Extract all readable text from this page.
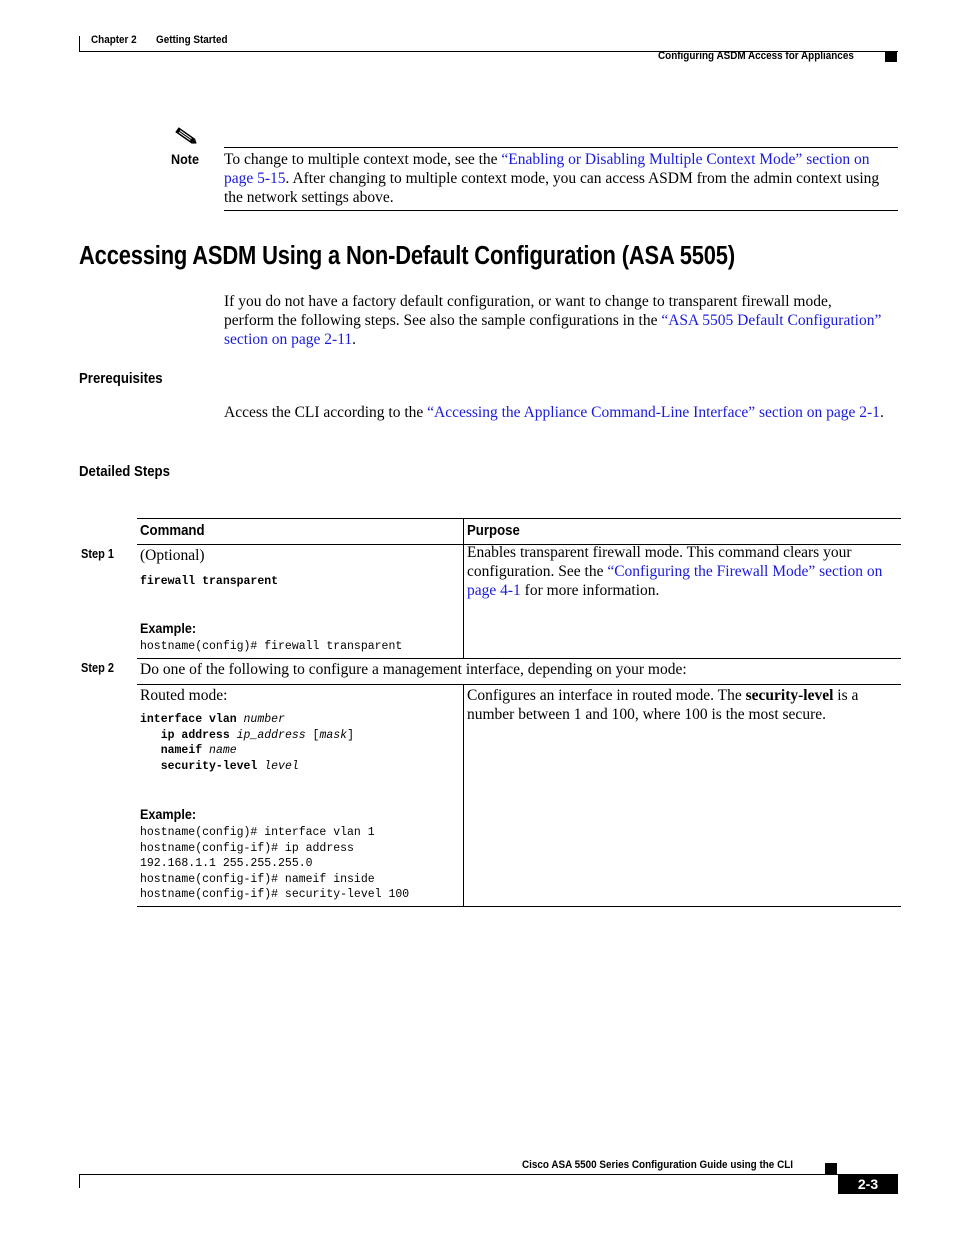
Chapter 2 Getting Started
Configuring ASDM Access for Appliances
Note To change to multiple context mode, see the “Enabling or Disabling Multiple Context Mode” section on page 5-15. After changing to multiple context mode, you can access ASDM from the admin context using the network settings above.
Accessing ASDM Using a Non-Default Configuration (ASA 5505)
If you do not have a factory default configuration, or want to change to transparent firewall mode, perform the following steps. See also the sample configurations in the “ASA 5505 Default Configuration” section on page 2-11.
Prerequisites
Access the CLI according to the “Accessing the Appliance Command-Line Interface” section on page 2-1.
Detailed Steps
Command	Purpose
Step 1 (Optional)
firewall transparent
Example:
hostname(config)# firewall transparent
Enables transparent firewall mode. This command clears your configuration. See the “Configuring the Firewall Mode” section on page 4-1 for more information.
Step 2 Do one of the following to configure a management interface, depending on your mode:
Routed mode:
interface vlan number
ip address ip_address [mask]
nameif name
security-level level
Example:
hostname(config)# interface vlan 1
hostname(config-if)# ip address
192.168.1.1 255.255.255.0
hostname(config-if)# nameif inside
hostname(config-if)# security-level 100
Configures an interface in routed mode. The security-level is a number between 1 and 100, where 100 is the most secure.
Cisco ASA 5500 Series Configuration Guide using the CLI
2-3
